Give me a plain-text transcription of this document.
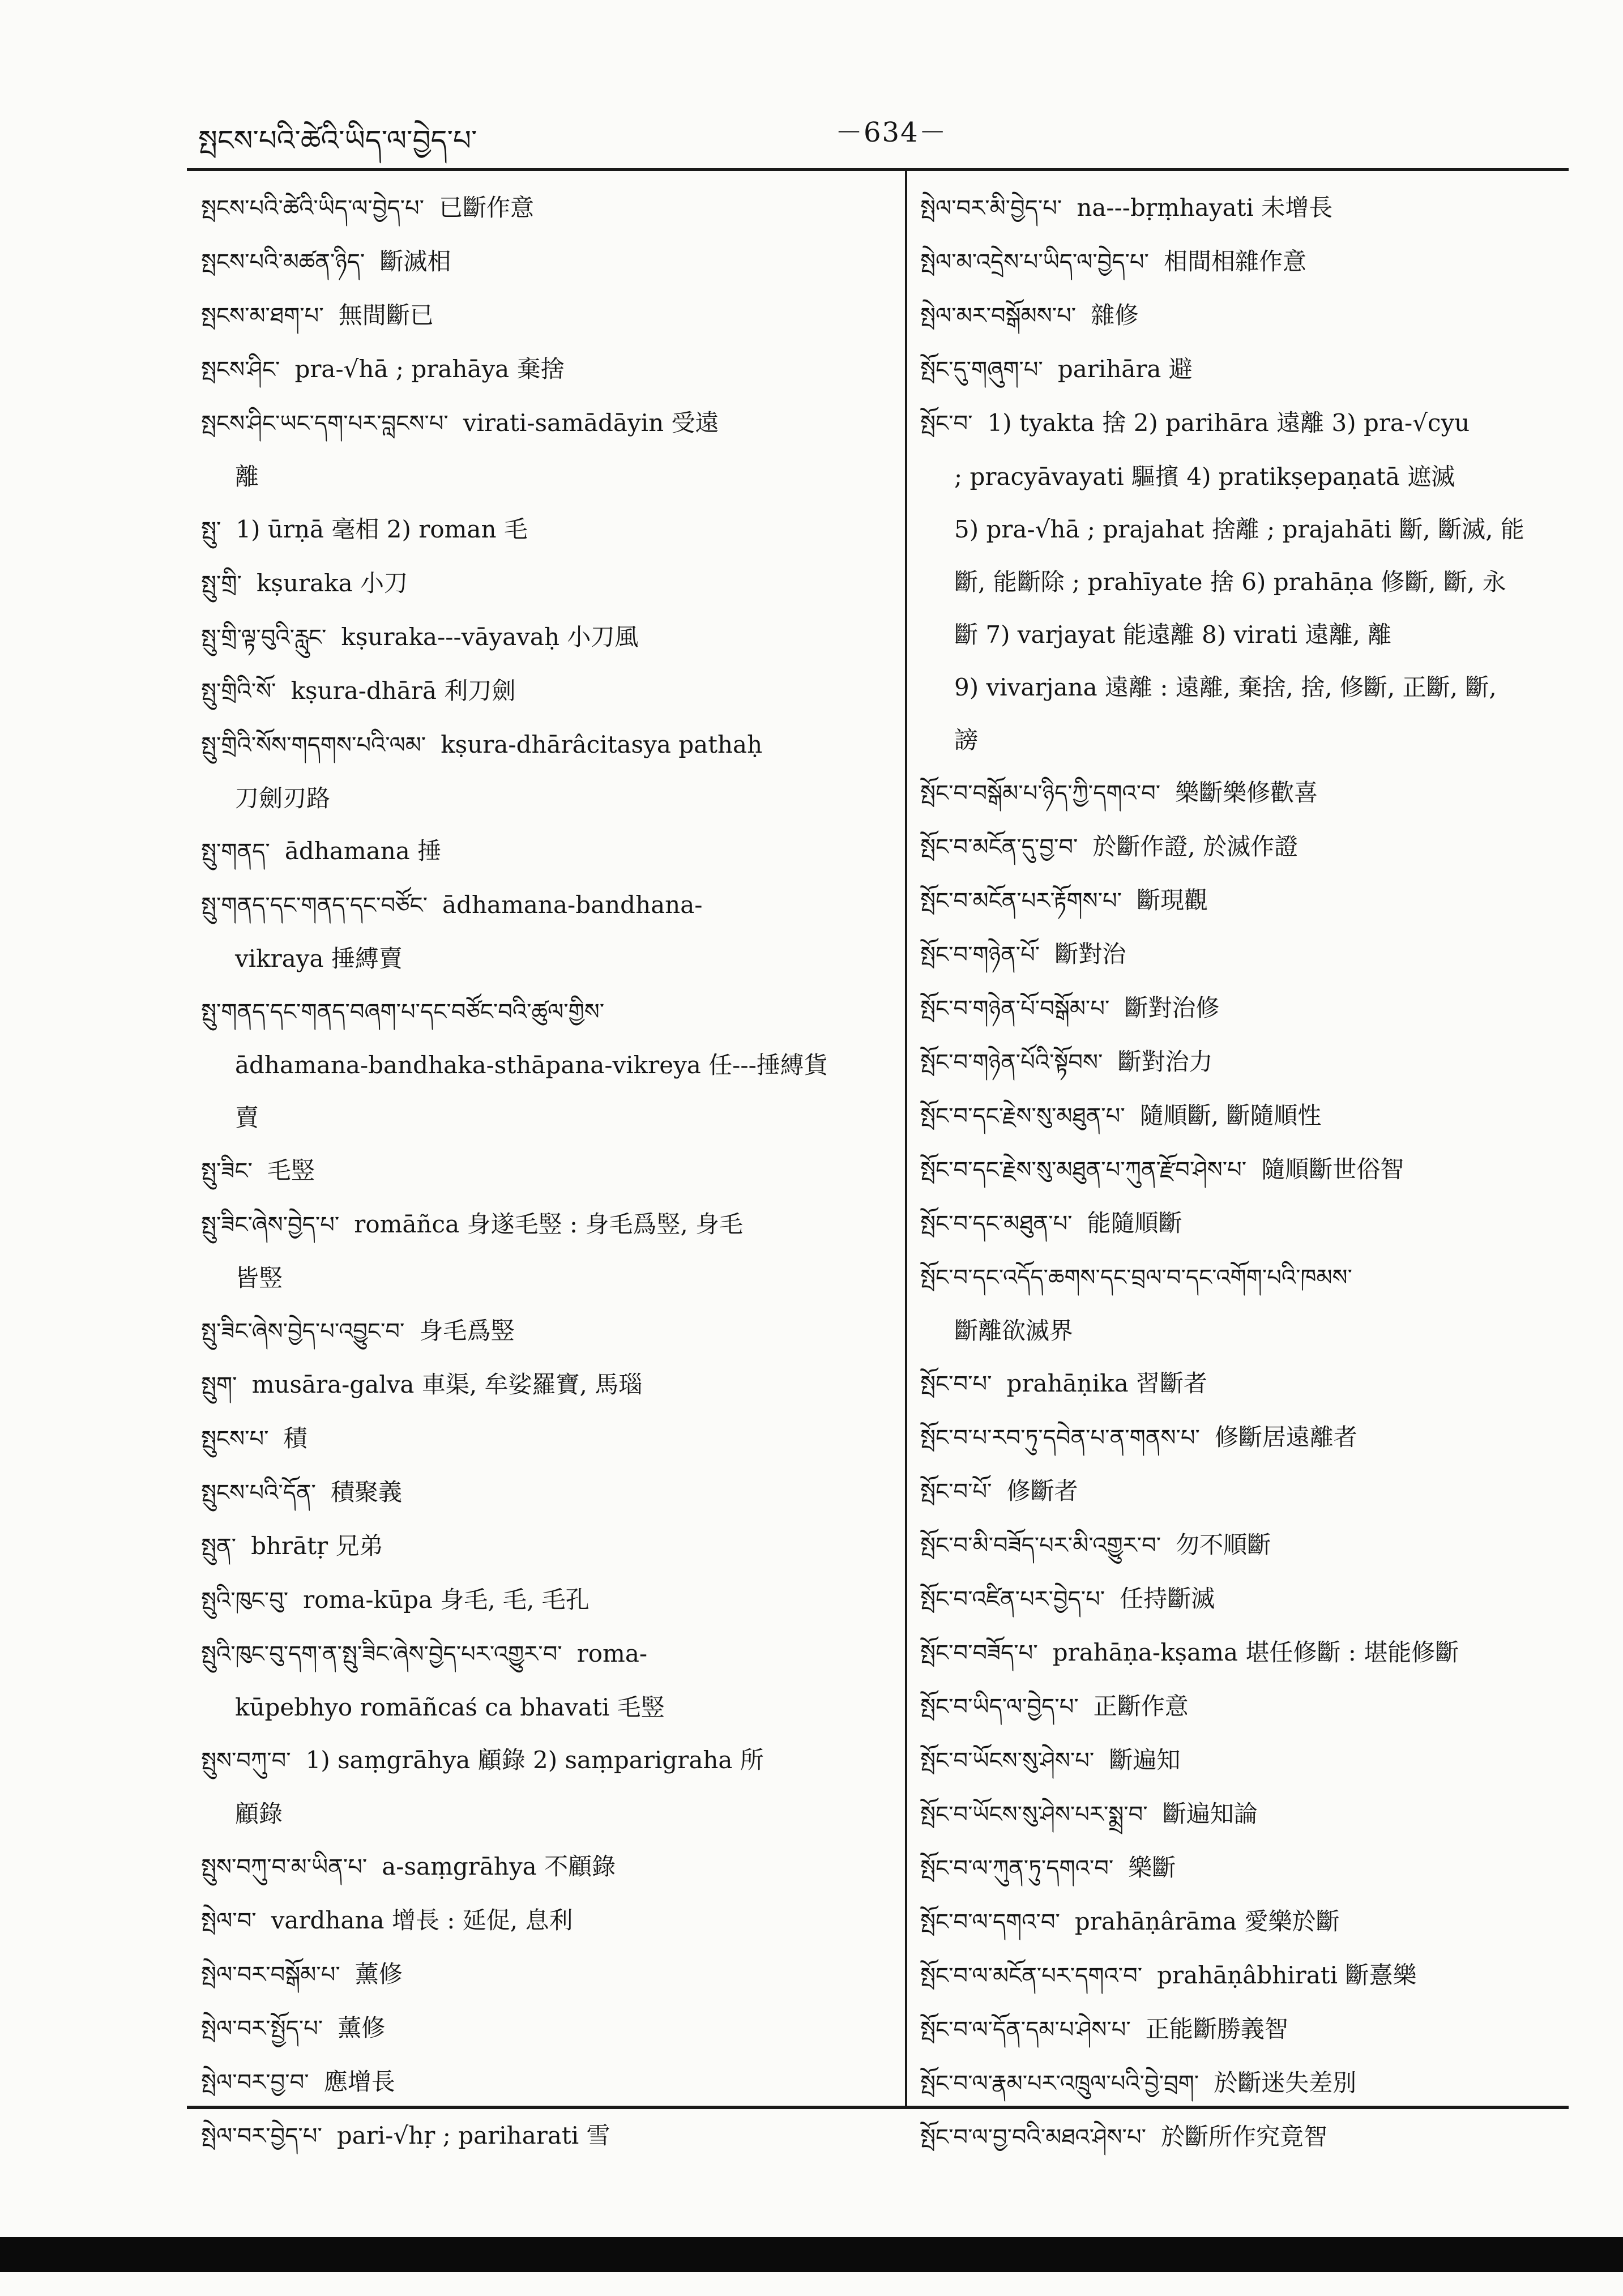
སྤངས་པའི་ཚེའི་ཡིད་ལ་བྱེད་པ་	－634－
སྤངས་པའི་ཚེའི་ཡིད་ལ་བྱེད་པ་ 已斷作意
སྤངས་པའི་མཚན་ཉིད་ 斷滅相
སྤངས་མ་ཐག་པ་ 無間斷已
སྤངས་ཤིང་ pra-√hā ; prahāya 棄捨
སྤངས་ཤིང་ཡང་དག་པར་བླངས་པ་ virati-samādāyin 受遠
離
སྤུ་ 1) ūrṇā 毫相 2) roman 毛
སྤུ་གྲི་ kṣuraka 小刀
སྤུ་གྲི་ལྟ་བུའི་རླུང་ kṣuraka---vāyavaḥ 小刀風
སྤུ་གྲིའི་སོ་ kṣura-dhārā 利刀劍
སྤུ་གྲིའི་སོས་གདགས་པའི་ལམ་ kṣura-dhārâcitasya pathaḥ
刀劍刃路
སྤུ་གནད་ ādhamana 捶
སྤུ་གནད་དང་གནད་དང་བཙོང་ ādhamana-bandhana-
vikraya 捶縛賣
སྤུ་གནད་དང་གནད་བཞག་པ་དང་བཙོང་བའི་ཚུལ་གྱིས་
ādhamana-bandhaka-sthāpana-vikreya 任---捶縛貨
賣
སྤུ་ཟིང་ 毛竪
སྤུ་ཟིང་ཞེས་བྱེད་པ་ romāñca 身遂毛竪 : 身毛爲竪, 身毛
皆竪
སྤུ་ཟིང་ཞེས་བྱེད་པ་འབྱུང་བ་ 身毛爲竪
སྤུག་ musāra-galva 車渠, 牟娑羅寶, 馬瑙
སྤུངས་པ་ 積
སྤུངས་པའི་དོན་ 積聚義
སྤུན་ bhrātṛ 兄弟
སྤུའི་ཁུང་བུ་ roma-kūpa 身毛, 毛, 毛孔
སྤུའི་ཁུང་བུ་དག་ན་སྤུ་ཟིང་ཞེས་བྱེད་པར་འགྱུར་བ་ roma-
kūpebhyo romāñcaś ca bhavati 毛竪
སྤུས་བཀུ་བ་ 1) saṃgrāhya 顧錄 2) saṃparigraha 所
顧錄
སྤུས་བཀུ་བ་མ་ཡིན་པ་ a-saṃgrāhya 不顧錄
སྤེལ་བ་ vardhana 增長 : 延促, 息利
སྤེལ་བར་བསྒོམ་པ་ 薰修
སྤེལ་བར་སྤྱོད་པ་ 薰修
སྤེལ་བར་བྱ་བ་ 應增長
སྤེལ་བར་བྱེད་པ་ pari-√hṛ ; pariharati 雪
སྤེལ་བར་མི་བྱེད་པ་ na---bṛṃhayati 未增長
སྤེལ་མ་འདྲེས་པ་ཡིད་ལ་བྱེད་པ་ 相間相雜作意
སྤེལ་མར་བསྒོམས་པ་ 雜修
སྤོང་དུ་གཞུག་པ་ parihāra 避
སྤོང་བ་ 1) tyakta 捨 2) parihāra 遠離 3) pra-√cyu
; pracyāvayati 驅擯 4) pratikṣepaṇatā 遮滅
5) pra-√hā ; prajahat 捨離 ; prajahāti 斷, 斷滅, 能
斷, 能斷除 ; prahīyate 捨 6) prahāṇa 修斷, 斷, 永
斷 7) varjayat 能遠離 8) virati 遠離, 離
9) vivarjana 遠離 : 遠離, 棄捨, 捨, 修斷, 正斷, 斷,
謗
སྤོང་བ་བསྒོམ་པ་ཉིད་ཀྱི་དགའ་བ་ 樂斷樂修歡喜
སྤོང་བ་མངོན་དུ་བྱ་བ་ 於斷作證, 於滅作證
སྤོང་བ་མངོན་པར་རྟོགས་པ་ 斷現觀
སྤོང་བ་གཉེན་པོ་ 斷對治
སྤོང་བ་གཉེན་པོ་བསྒོམ་པ་ 斷對治修
སྤོང་བ་གཉེན་པོའི་སྟོབས་ 斷對治力
སྤོང་བ་དང་རྗེས་སུ་མཐུན་པ་ 隨順斷, 斷隨順性
སྤོང་བ་དང་རྗེས་སུ་མཐུན་པ་ཀུན་རྫོབ་ཤེས་པ་ 隨順斷世俗智
སྤོང་བ་དང་མཐུན་པ་ 能隨順斷
སྤོང་བ་དང་འདོད་ཆགས་དང་བྲལ་བ་དང་འགོག་པའི་ཁམས་
斷離欲滅界
སྤོང་བ་པ་ prahāṇika 習斷者
སྤོང་བ་པ་རབ་ཏུ་དབེན་པ་ན་གནས་པ་ 修斷居遠離者
སྤོང་བ་པོ་ 修斷者
སྤོང་བ་མི་བཟོད་པར་མི་འགྱུར་བ་ 勿不順斷
སྤོང་བ་འཛིན་པར་བྱེད་པ་ 任持斷滅
སྤོང་བ་བཟོད་པ་ prahāṇa-kṣama 堪任修斷 : 堪能修斷
སྤོང་བ་ཡིད་ལ་བྱེད་པ་ 正斷作意
སྤོང་བ་ཡོངས་སུ་ཤེས་པ་ 斷遍知
སྤོང་བ་ཡོངས་སུ་ཤེས་པར་སྨྲ་བ་ 斷遍知論
སྤོང་བ་ལ་ཀུན་ཏུ་དགའ་བ་ 樂斷
སྤོང་བ་ལ་དགའ་བ་ prahāṇârāma 愛樂於斷
སྤོང་བ་ལ་མངོན་པར་དགའ་བ་ prahāṇâbhirati 斷憙樂
སྤོང་བ་ལ་དོན་དམ་པ་ཤེས་པ་ 正能斷勝義智
སྤོང་བ་ལ་རྣམ་པར་འཁྲུལ་པའི་བྱེ་བྲག་ 於斷迷失差別
སྤོང་བ་ལ་བྱ་བའི་མཐའ་ཤེས་པ་ 於斷所作究竟智
